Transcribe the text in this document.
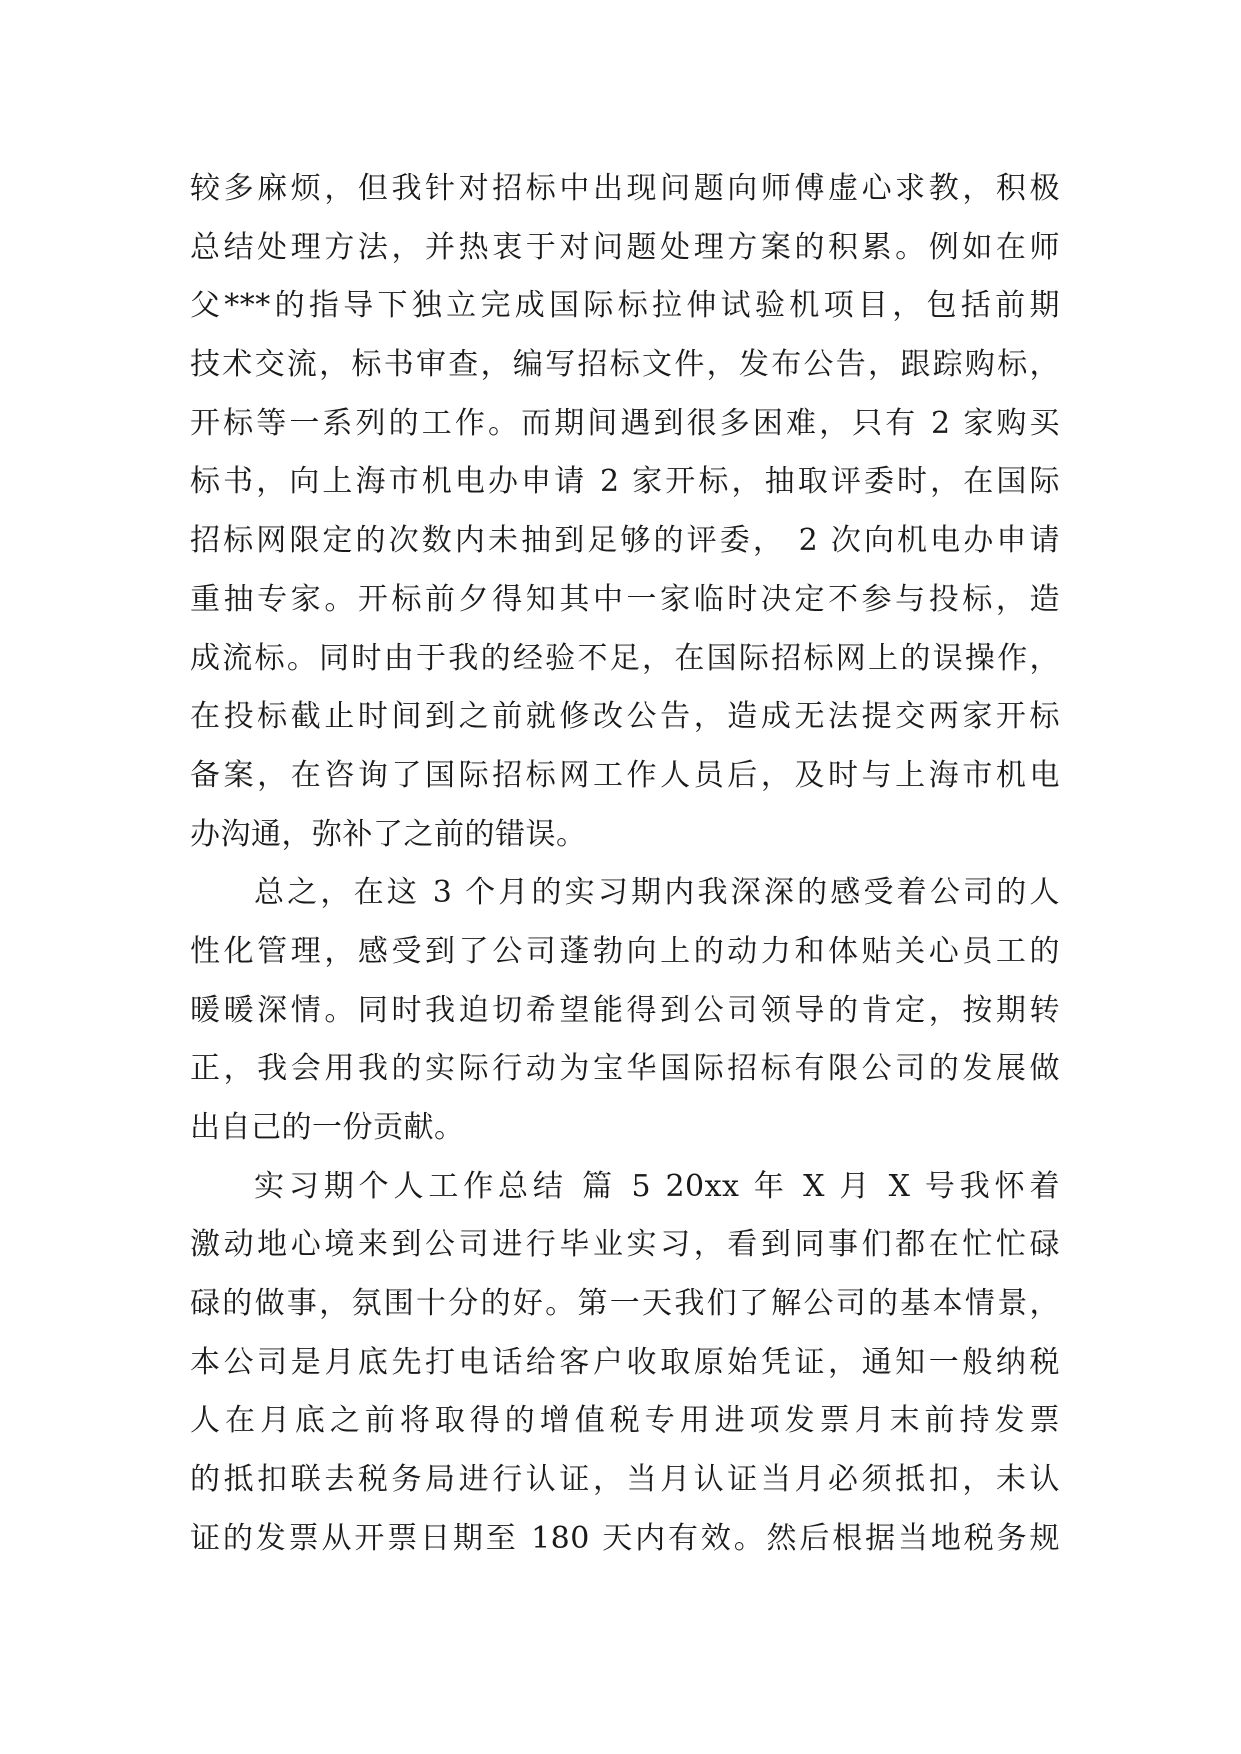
较多麻烦，但我针对招标中出现问题向师傅虚心求教，积极
总结处理方法，并热衷于对问题处理方案的积累。例如在师
父***的指导下独立完成国际标拉伸试验机项目，包括前期
技术交流，标书审查，编写招标文件，发布公告，跟踪购标，
开标等一系列的工作。而期间遇到很多困难，只有 2 家购买
标书，向上海市机电办申请 2 家开标，抽取评委时，在国际
招标网限定的次数内未抽到足够的评委， 2 次向机电办申请
重抽专家。开标前夕得知其中一家临时决定不参与投标，造
成流标。同时由于我的经验不足，在国际招标网上的误操作，
在投标截止时间到之前就修改公告，造成无法提交两家开标
备案，在咨询了国际招标网工作人员后，及时与上海市机电
办沟通，弥补了之前的错误。
总之，在这 3 个月的实习期内我深深的感受着公司的人
性化管理，感受到了公司蓬勃向上的动力和体贴关心员工的
暖暖深情。同时我迫切希望能得到公司领导的肯定，按期转
正，我会用我的实际行动为宝华国际招标有限公司的发展做
出自己的一份贡献。
实习期个人工作总结 篇 5 20xx 年 X 月 X 号我怀着
激动地心境来到公司进行毕业实习，看到同事们都在忙忙碌
碌的做事，氛围十分的好。第一天我们了解公司的基本情景，
本公司是月底先打电话给客户收取原始凭证，通知一般纳税
人在月底之前将取得的增值税专用进项发票月末前持发票
的抵扣联去税务局进行认证，当月认证当月必须抵扣，未认
证的发票从开票日期至 180 天内有效。然后根据当地税务规
